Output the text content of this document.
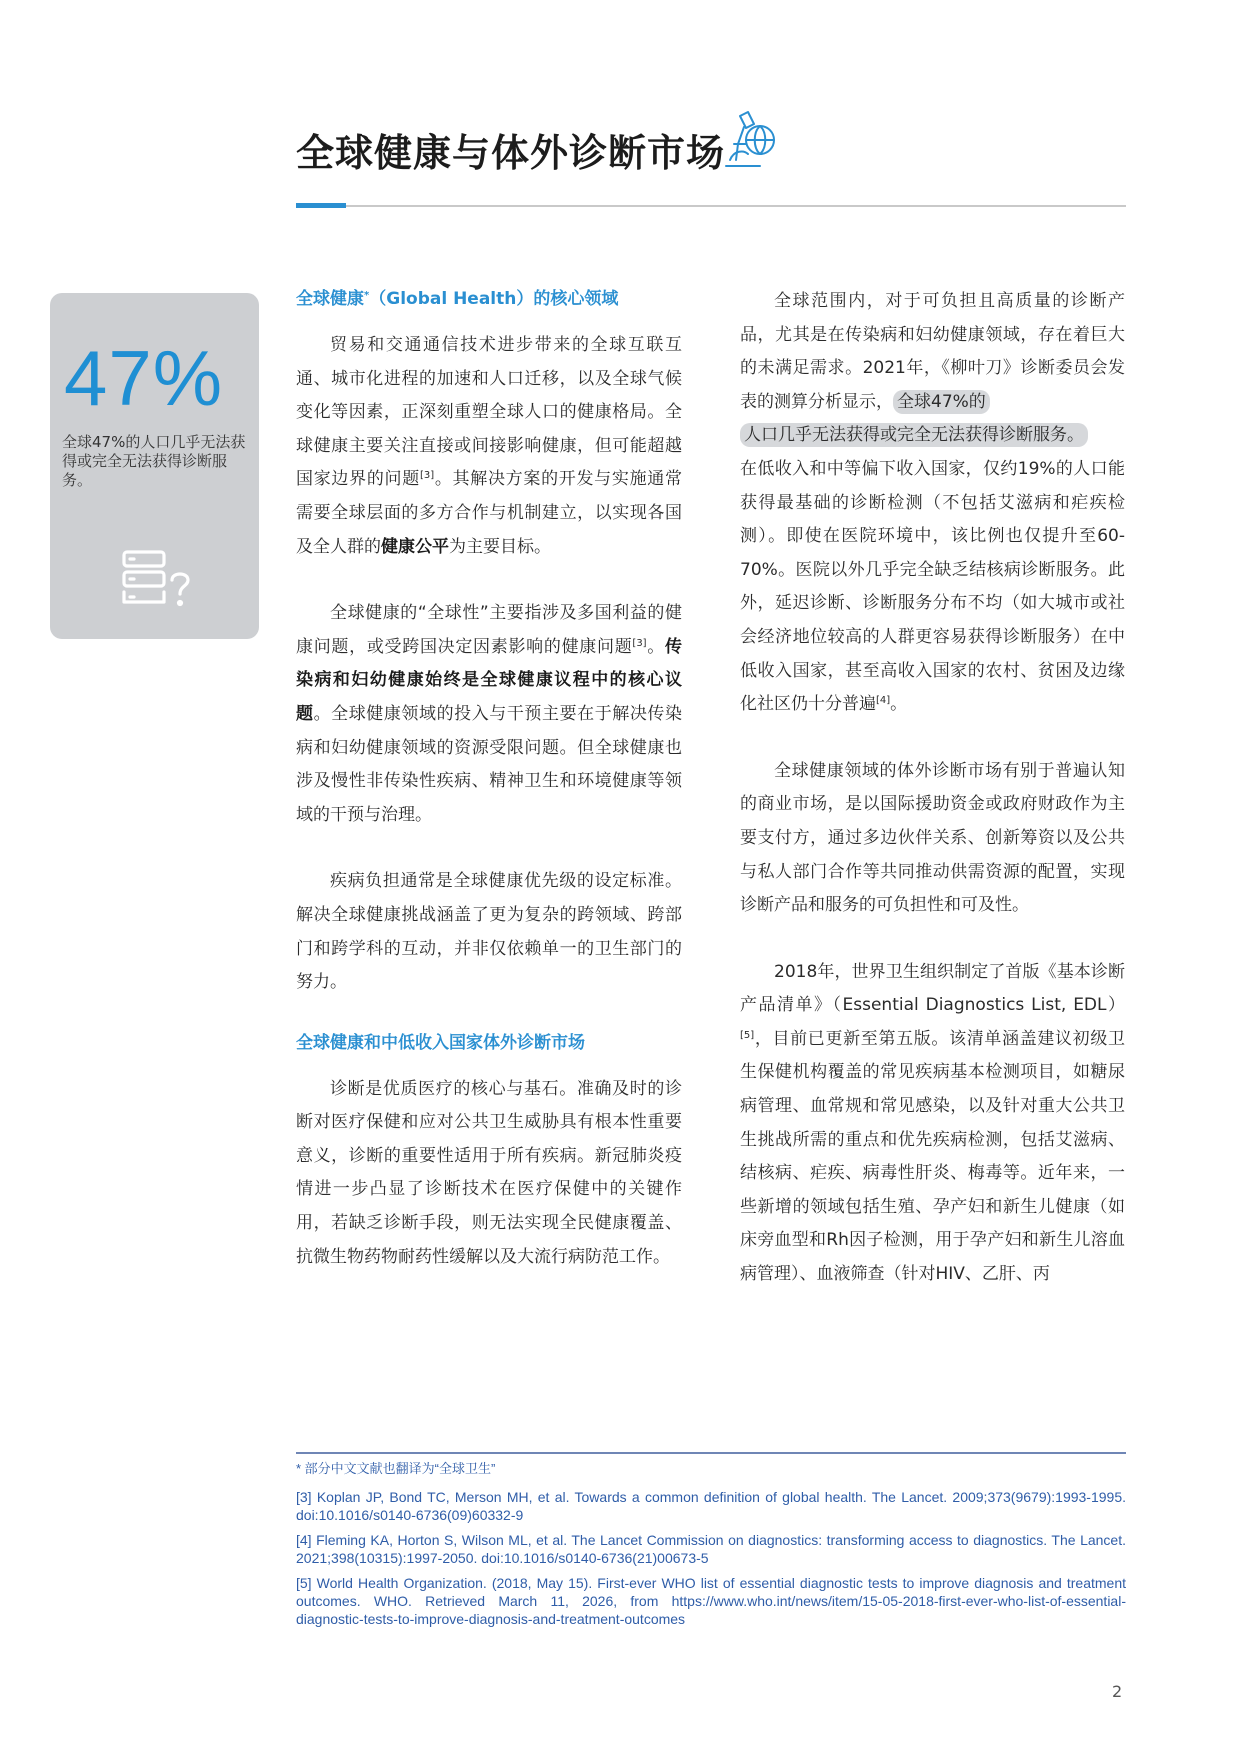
全球健康与体外诊断市场
47%
全球47%的人口几乎无法获得或完全无法获得诊断服务。
全球健康*（Global Health）的核心领域

贸易和交通通信技术进步带来的全球互联互通、城市化进程的加速和人口迁移，以及全球气候变化等因素，正深刻重塑全球人口的健康格局。全球健康主要关注直接或间接影响健康，但可能超越国家边界的问题[3]。其解决方案的开发与实施通常需要全球层面的多方合作与机制建立，以实现各国及全人群的健康公平为主要目标。

全球健康的“全球性”主要指涉及多国利益的健康问题，或受跨国决定因素影响的健康问题[3]。传染病和妇幼健康始终是全球健康议程中的核心议题。全球健康领域的投入与干预主要在于解决传染病和妇幼健康领域的资源受限问题。但全球健康也涉及慢性非传染性疾病、精神卫生和环境健康等领域的干预与治理。

疾病负担通常是全球健康优先级的设定标准。解决全球健康挑战涵盖了更为复杂的跨领域、跨部门和跨学科的互动，并非仅依赖单一的卫生部门的努力。

全球健康和中低收入国家体外诊断市场

诊断是优质医疗的核心与基石。准确及时的诊断对医疗保健和应对公共卫生威胁具有根本性重要意义，诊断的重要性适用于所有疾病。新冠肺炎疫情进一步凸显了诊断技术在医疗保健中的关键作用，若缺乏诊断手段，则无法实现全民健康覆盖、抗微生物药物耐药性缓解以及大流行病防范工作。

全球范围内，对于可负担且高质量的诊断产品，尤其是在传染病和妇幼健康领域，存在着巨大的未满足需求。2021年，《柳叶刀》诊断委员会发表的测算分析显示， 全球47%的
人口几乎无法获得或完全无法获得诊断服务。
在低收入和中等偏下收入国家，仅约19%的人口能获得最基础的诊断检测（不包括艾滋病和疟疾检测）。即使在医院环境中，该比例也仅提升至60-70%。医院以外几乎完全缺乏结核病诊断服务。此外，延迟诊断、诊断服务分布不均（如大城市或社会经济地位较高的人群更容易获得诊断服务）在中低收入国家，甚至高收入国家的农村、贫困及边缘化社区仍十分普遍[4]。

全球健康领域的体外诊断市场有别于普遍认知的商业市场，是以国际援助资金或政府财政作为主要支付方，通过多边伙伴关系、创新筹资以及公共与私人部门合作等共同推动供需资源的配置，实现诊断产品和服务的可负担性和可及性。

2018年，世界卫生组织制定了首版《基本诊断产品清单》（Essential Diagnostics List, EDL）[5]，目前已更新至第五版。该清单涵盖建议初级卫生保健机构覆盖的常见疾病基本检测项目，如糖尿病管理、血常规和常见感染，以及针对重大公共卫生挑战所需的重点和优先疾病检测，包括艾滋病、结核病、疟疾、病毒性肝炎、梅毒等。近年来，一些新增的领域包括生殖、孕产妇和新生儿健康（如床旁血型和Rh因子检测，用于孕产妇和新生儿溶血病管理）、血液筛查（针对HIV、乙肝、丙

* 部分中文文献也翻译为“全球卫生”
[3] Koplan JP, Bond TC, Merson MH, et al. Towards a common definition of global health. The Lancet. 2009;373(9679):1993-1995. doi:10.1016/s0140-6736(09)60332-9
[4] Fleming KA, Horton S, Wilson ML, et al. The Lancet Commission on diagnostics: transforming access to diagnostics. The Lancet. 2021;398(10315):1997-2050. doi:10.1016/s0140-6736(21)00673-5
[5] World Health Organization. (2018, May 15). First-ever WHO list of essential diagnostic tests to improve diagnosis and treatment outcomes. WHO. Retrieved March 11, 2026, from https://www.who.int/news/item/15-05-2018-first-ever-who-list-of-essential-diagnostic-tests-to-improve-diagnosis-and-treatment-outcomes
2
